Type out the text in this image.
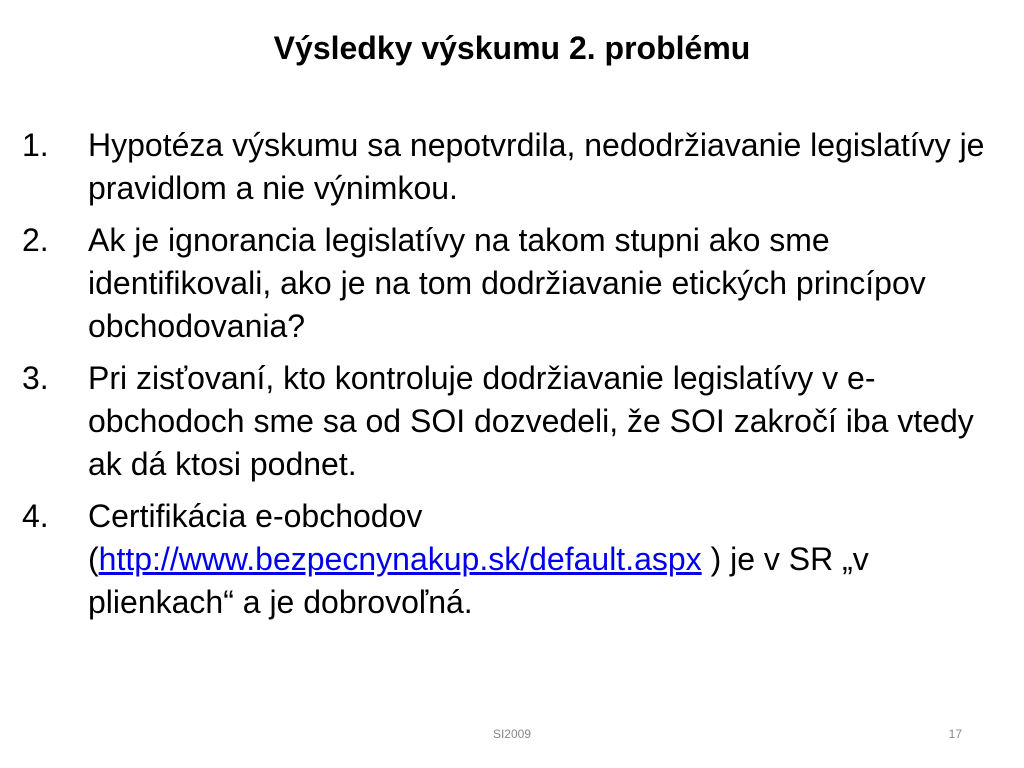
Výsledky výskumu 2. problému
1.	Hypotéza výskumu sa nepotvrdila, nedodržiavanie legislatívy je pravidlom a nie výnimkou.
2.	Ak je ignorancia legislatívy na takom stupni ako sme identifikovali, ako je na tom dodržiavanie etických princípov obchodovania?
3.	Pri zisťovaní, kto kontroluje dodržiavanie legislatívy v e-obchodoch sme sa od SOI dozvedeli, že SOI zakročí iba vtedy ak dá ktosi podnet.
4.	Certifikácia e-obchodov (http://www.bezpecnynakup.sk/default.aspx ) je v SR „v plienkach“ a je dobrovoľná.
SI2009	17
